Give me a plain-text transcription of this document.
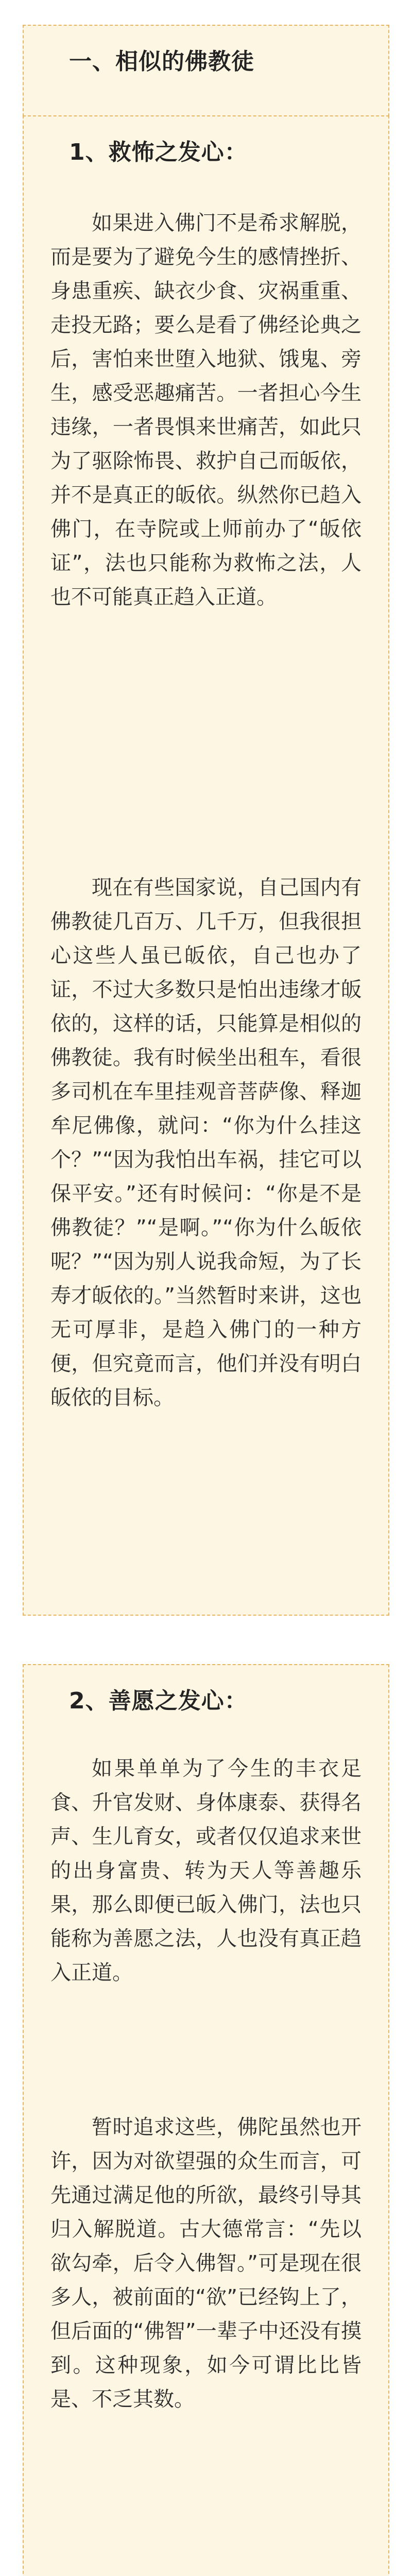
一、相似的佛教徒
1、救怖之发心：
如果进入佛门不是希求解脱，而是要为了避免今生的感情挫折、身患重疾、缺衣少食、灾祸重重、走投无路；要么是看了佛经论典之后，害怕来世堕入地狱、饿鬼、旁生，感受恶趣痛苦。一者担心今生违缘，一者畏惧来世痛苦，如此只为了驱除怖畏、救护自己而皈依，并不是真正的皈依。纵然你已趋入佛门，在寺院或上师前办了“皈依证”，法也只能称为救怖之法，人也不可能真正趋入正道。
现在有些国家说，自己国内有佛教徒几百万、几千万，但我很担心这些人虽已皈依，自己也办了证，不过大多数只是怕出违缘才皈依的，这样的话，只能算是相似的佛教徒。我有时候坐出租车，看很多司机在车里挂观音菩萨像、释迦牟尼佛像，就问：“你为什么挂这个？”“因为我怕出车祸，挂它可以保平安。”还有时候问：“你是不是佛教徒？”“是啊。”“你为什么皈依呢？”“因为别人说我命短，为了长寿才皈依的。”当然暂时来讲，这也无可厚非，是趋入佛门的一种方便，但究竟而言，他们并没有明白皈依的目标。
2、善愿之发心：
如果单单为了今生的丰衣足食、升官发财、身体康泰、获得名声、生儿育女，或者仅仅追求来世的出身富贵、转为天人等善趣乐果，那么即便已皈入佛门，法也只能称为善愿之法，人也没有真正趋入正道。
暂时追求这些，佛陀虽然也开许，因为对欲望强的众生而言，可先通过满足他的所欲，最终引导其归入解脱道。古大德常言：“先以欲勾牵，后令入佛智。”可是现在很多人，被前面的“欲”已经钩上了，但后面的“佛智”一辈子中还没有摸到。这种现象，如今可谓比比皆是、不乏其数。
